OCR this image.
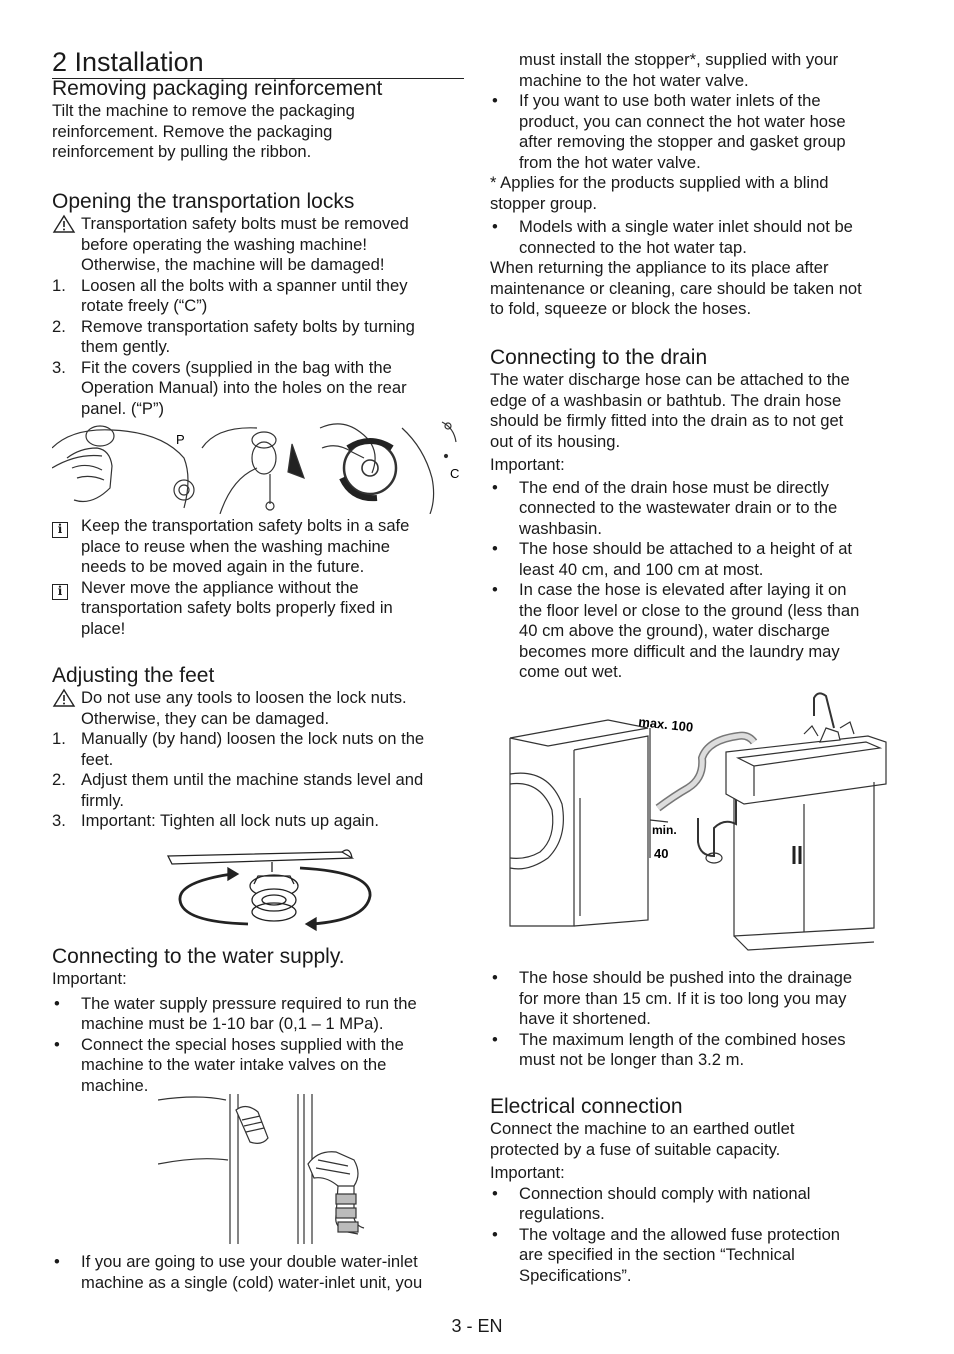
2 Installation
Removing packaging reinforcement
Tilt the machine to remove the packaging
reinforcement. Remove the packaging
reinforcement by pulling the ribbon.
Opening the transportation locks
Transportation safety bolts must be removed
before operating the washing machine!
Otherwise, the machine will be damaged!
1. Loosen all the bolts with a spanner until they
rotate freely (“C”)
2. Remove transportation safety bolts by turning
them gently.
3. Fit the covers (supplied in the bag with the
Operation Manual) into the holes on the rear
panel. (“P”)
P
C
i	Keep the transportation safety bolts in a safe
place to reuse when the washing machine
needs to be moved again in the future.
i	Never move the appliance without the
transportation safety bolts properly fixed in
place!
Adjusting the feet
Do not use any tools to loosen the lock nuts.
Otherwise, they can be damaged.
1. Manually (by hand) loosen the lock nuts on the
feet.
2. Adjust them until the machine stands level and
firmly.
3. Important: Tighten all lock nuts up again.
Connecting to the water supply.
Important:
• The water supply pressure required to run the
machine must be 1-10 bar (0,1 – 1 MPa).
• Connect the special hoses supplied with the
machine to the water intake valves on the
machine.
• If you are going to use your double water-inlet
machine as a single (cold) water-inlet unit, you
must install the stopper*, supplied with your
machine to the hot water valve.
• If you want to use both water inlets of the
product, you can connect the hot water hose
after removing the stopper and gasket group
from the hot water valve.
* Applies for the products supplied with a blind
stopper group.
• Models with a single water inlet should not be
connected to the hot water tap.
When returning the appliance to its place after
maintenance or cleaning, care should be taken not
to fold, squeeze or block the hoses.
Connecting to the drain
The water discharge hose can be attached to the
edge of a washbasin or bathtub. The drain hose
should be firmly fitted into the drain as to not get
out of its housing.
Important:
• The end of the drain hose must be directly
connected to the wastewater drain or to the
washbasin.
• The hose should be attached to a height of at
least 40 cm, and 100 cm at most.
• In case the hose is elevated after laying it on
the floor level or close to the ground (less than
40 cm above the ground), water discharge
becomes more difficult and the laundry may
come out wet.
max. 100
min.
40
• The hose should be pushed into the drainage
for more than 15 cm. If it is too long you may
have it shortened.
• The maximum length of the combined hoses
must not be longer than 3.2 m.
Electrical connection
Connect the machine to an earthed outlet
protected by a fuse of suitable capacity.
Important:
• Connection should comply with national
regulations.
• The voltage and the allowed fuse protection
are specified in the section “Technical
Specifications”.
3 - EN
